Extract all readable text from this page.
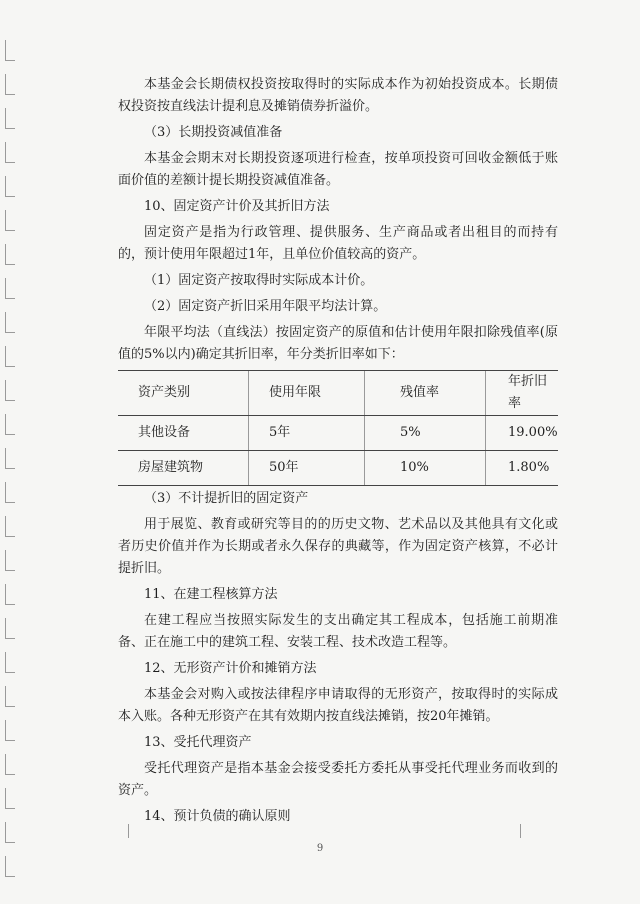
本基金会长期债权投资按取得时的实际成本作为初始投资成本。长期债权投资按直线法计提利息及摊销债券折溢价。

（3）长期投资减值准备

本基金会期末对长期投资逐项进行检查，按单项投资可回收金额低于账面价值的差额计提长期投资减值准备。

10、固定资产计价及其折旧方法

固定资产是指为行政管理、提供服务、生产商品或者出租目的而持有的，预计使用年限超过1年，且单位价值较高的资产。

（1）固定资产按取得时实际成本计价。

（2）固定资产折旧采用年限平均法计算。

年限平均法（直线法）按固定资产的原值和估计使用年限扣除残值率(原值的5%以内)确定其折旧率，年分类折旧率如下：

资产类别	使用年限	残值率	年折旧率
其他设备	5年	5%	19.00%
房屋建筑物	50年	10%	1.80%

（3）不计提折旧的固定资产

用于展览、教育或研究等目的的历史文物、艺术品以及其他具有文化或者历史价值并作为长期或者永久保存的典藏等，作为固定资产核算，不必计提折旧。

11、在建工程核算方法

在建工程应当按照实际发生的支出确定其工程成本，包括施工前期准备、正在施工中的建筑工程、安装工程、技术改造工程等。

12、无形资产计价和摊销方法

本基金会对购入或按法律程序申请取得的无形资产，按取得时的实际成本入账。各种无形资产在其有效期内按直线法摊销，按20年摊销。

13、受托代理资产

受托代理资产是指本基金会接受委托方委托从事受托代理业务而收到的资产。

14、预计负债的确认原则

9
